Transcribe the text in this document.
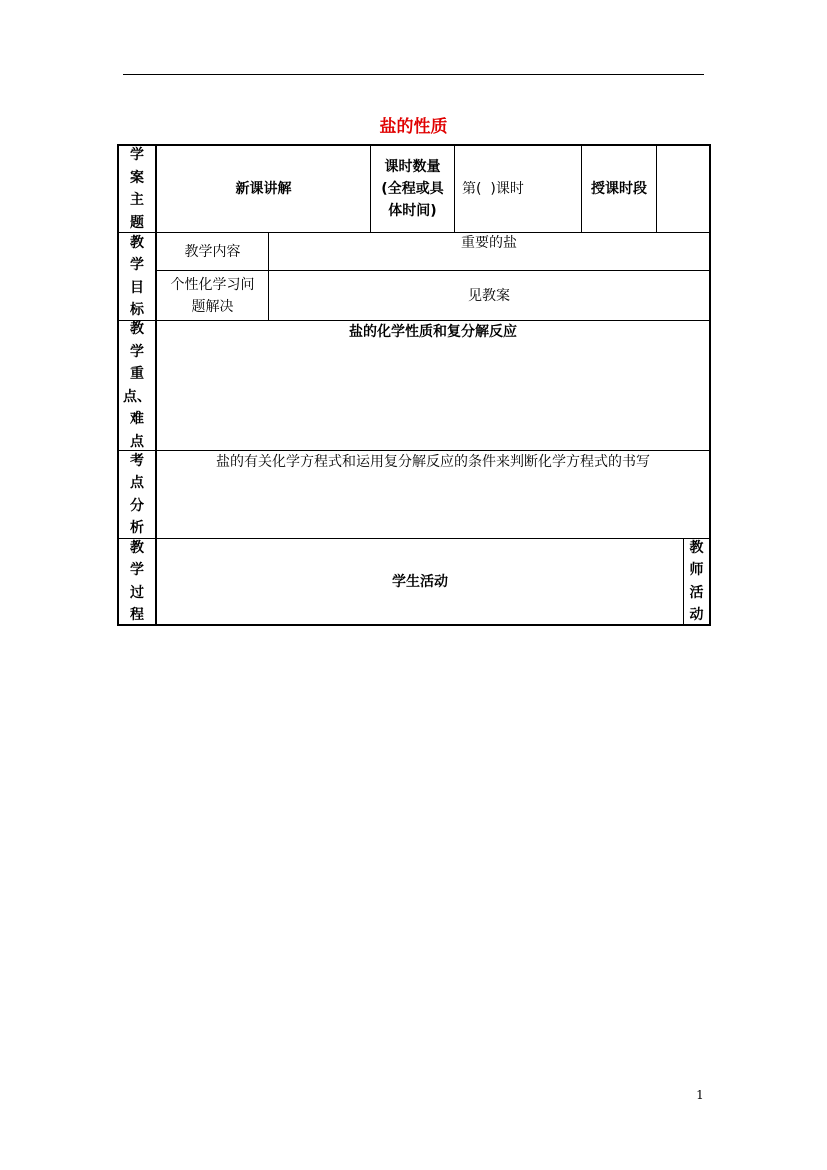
盐的性质
学
案
主
题
新课讲解
课时数量
(全程或具
体时间)
第(  )课时	授课时段
教
学
目
标
教学内容
重要的盐
个性化学习问
题解决
见教案
教
学
重
点、
难
点
盐的化学性质和复分解反应
考
点
分
析
盐的有关化学方程式和运用复分解反应的条件来判断化学方程式的书写
教
学
过
程
学生活动
教
师
活
动
1
